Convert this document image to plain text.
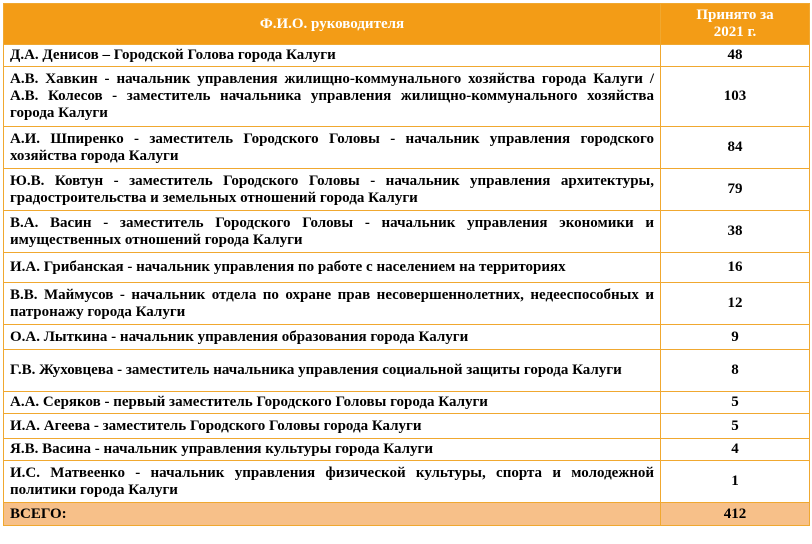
Ф.И.О. руководителя	Принято за
2021 г.
Д.А. Денисов – Городской Голова города Калуги	48
А.В. Хавкин - начальник управления жилищно-коммунального хозяйства города Калуги / А.В. Колесов - заместитель начальника управления жилищно-коммунального хозяйства города Калуги	103
А.И. Шпиренко - заместитель Городского Головы - начальник управления городского хозяйства города Калуги	84
Ю.В. Ковтун - заместитель Городского Головы - начальник управления архитектуры, градостроительства и земельных отношений города Калуги	79
В.А. Васин - заместитель Городского Головы - начальник управления экономики и имущественных отношений города Калуги	38
И.А. Грибанская - начальник управления по работе с населением на территориях	16
В.В. Маймусов - начальник отдела по охране прав несовершеннолетних, недееспособных и патронажу города Калуги	12
О.А. Лыткина - начальник управления образования города Калуги	9
Г.В. Жуховцева - заместитель начальника управления социальной защиты города Калуги	8
А.А. Серяков - первый заместитель Городского Головы города Калуги	5
И.А. Агеева - заместитель Городского Головы города Калуги	5
Я.В. Васина - начальник управления культуры города Калуги	4
И.С. Матвеенко - начальник управления физической культуры, спорта и молодежной политики города Калуги	1
ВСЕГО:	412
